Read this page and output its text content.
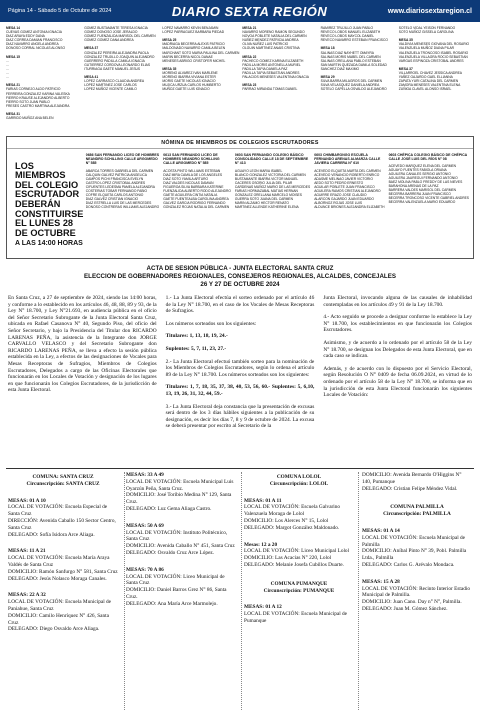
Página 14 - Sábado 5 de Octubre de 2024	DIARIO SEXTA REGIÓN	www.diariosextaregion.cl
MESA 14
CUEVAS GOMEZ ANTONIA IGNACIA
DIAZ ARAYA EDDY DANA
DIAZ CORREA DAMIAN FRANCISCO
DIAZ NAVARRO ANGELA ANDREA
DONOSO CORRAL NICOLAS ALONSO

MESA 15
...
...
...
...
...

MESA 21
FARIAS CORNEJO ALDO PATRICIO
FERREIRA GONZALEZ KARINA VALESKA
FIERRO KRAUSE ALEJANDRO ALBERTO
FIERRO SOTO JUAN PABLO
FRESES CASTRO MARTINA ALEJANDRA

MESA 31
GARRIDO MUÑOZ ANA BELEN

GOMEZ BUSTAMANTE TERESA IGNACIA
GOMEZ DONOSO JOSE JERALDO
GOMEZ FUENZALIDA MARISOL DEL CARMEN
GOMEZ GOMEZ DANA ANDREA

MESA 37
GONZALEZ PEREIRA ALEJANDRA PAOLA
GONZALEZ TRUJILLO JOAQUIN ALEJANDRO
GUERRERO PADILLA CAMILA IGNACIA
GUTIERREZ CORDOVA LEONARDO ELIAS
ITURRIAGA GAETE MANUEL JESUS

MESA 41
LOPEZ CARRASCO CLAUDIA ANDREA
LOPEZ MARTINEZ JOSE CARLOS
LOPEZ MUÑOZ VICENTE CAMILO

LOPEZ NAVARRO KEVIN BENJAMIN
LOPEZ PARRAGUEZ BARBARA PIEDAD

MESA 25
MADRIAGA BECERRA ALEXIS PATRICIO
MALDONADO NAVARRO CAMILA BELEN
MARCHANT SOTO MARIA PAULINA DEL CARMEN
MARIN BECERRA NICOL DANAE
MENESES ABRIGO CRISTOFER MICHEL

MESA 35
MORENO ALVAREZ IVAN MARLENE
MORENO IBARRA VIVIANA ESTER
MORIS GAETE NICOLAS IGNACIO
MUJICA URZUA CARLOS HUMBERTO
MUÑOZ GAETE LUIS IGNACIO

MESA 21
NAVARRO MORENO RAMON SEGUNDO
NOVOA POBLETE NATALIA DEL CARMEN
NUÑEZ MENDEZ PATRICIA ANDREA
OLIVA NUÑEZ LUIS PATRICIO
OLGUIN MARTINEZ ANAIS CRISTINA

MESA 22
PACHECO GOMEZ KARINA ELIZABETH
PADILLA MORIS ANTONELLA MURIEL
PADILLA TAPIA DANIELA PAZ
PADILLA TAPIA SEBASTIAN ANDRES
PALACIOS MENESES VALENTINA IGNACIA

MESA 23
PARRAO MIRANDA TOMAS DANIEL

RAMIREZ TRUJILLO JUAN PABLO
REVECO LOBOS MANUEL ELIZABETH
REVECO LOBOS MAYCOL DANIEL
REVECO NAVARRO ESTEBAN FRANCISCO

MESA 18
SALINAS DIAZ NAYHETT OMAYRA
SALINAS MORIS MABEL DEL CARMEN
SALINAS ORELLANA PABLO ESTEBAN
SAN MARTIN QUEZADA DANILA SOLEDAD
SANCHEZ DIAZ MAXIMO

MESA 29
SILVA BARRA MILAGROS DEL CARMEN
SILVA VELASQUEZ DANIELA ANDREA
SOTELO CAPELLA OSVALDO ALEJANDRO

SOTELO VIDAL YEISON FERNANDO
SOTO MUÑOZ GISSELA CAROLINA

MESA 35
VALDIVIA MENESES GIOVANA DEL ROSARIO
VALENZUELA MUÑOZ DIANA PILAR
VALENZUELA TRONCOSO ISABEL ROSARIO
VALENZUELA VILLAGRA ROCIO SEBASTIAN
VARGAS ESPINOZA CRISTOBAL ANDRES

MESA 37
VILLARROEL CHAVEZ JESSICA ANDREA
YAÑEZ GAJARDO GAEL ELLIANNA
ZAPATA YURI CATALINA DEL CARMEN
ZAMORA MENESES VALENTINA ELENA
ZUÑIGA CLAVEL ALONSO ISRAEL

NÓMINA DE MIEMBROS DE COLEGIOS ESCRUTADORES
LOS MIEMBROS DEL COLEGIO ESCRUTADOR DEBERÁN CONSTITUIRSE EL LUNES 28 DE OCTUBRE
A LAS 14:00 HORAS
0686 SAN FERNANDO LICEO DE HOMBRES NEANDRO SCHILLING CALLE ARGOMEDO N° 585
ABARCA TORRES GABRIELA DEL CARMEN
CALQUIN GALVEZ PATRICIA ANGELICA
CAMPOS PICHI FRANCISCA EVELYN
CASTRO LOPEZ CRISTOBAL ANDRES
CIFUENTES LEDESMA PAMELA ALEJANDRA
COSTERIAS TOBAR FERNANDO FABIO
COFRE ELQUETA CARLOS ANTONIO
DIAZ GALVEZ CRISTIAN IGNACIO
DIAZ ESTRELLA LUIS DE LAS MERCEDES
DONOSO CONTRERAS WILLIAMS ALEJANDRO
0613 SAN FERNANDO LICEO DE HOMBRES NEANDRO SCHILLING CALLE ARGOMEDO N° 585
ACOSTA PINTO WILLIAMS ESTEBAN
DIAZ MIRA CAMILA DE LOS ANGELES
DIAZ SOTO YAMILA ARTURO
DIAZ VALDES NICOLAS DAMIAN
FIGUEROA SILVA BARBARA KATERINE
FUENZALIDA ALBERTO RODO ALEJANDRO
GAETE AGUILERA CINTIA NATALIA
GAETE FUENTEALBA CAROLINA ANDREA
GALVEZ GARCIA RODRIGO FERNANDO
GONZALEZ ROJAS NATALIA DEL CARMEN
0603 SAN FERNANDO COLEGIO BÁSICO CONSOLIDADO CALLE 18 DE SEPTIEMBRE N° 413
AGUAYO LEON MARIA ISABEL
BLANCO GONZALEZ VICTORIA DEL CARMEN
BUSTAMANTE IBARRA VICTOR MANUEL
CACERES OSORIO JULIA DEL PILAR
CARDENAS MUÑOZ MARIO DE LAS MERCEDES
FARIAS HORMAZABAL MATIAS HERNAN
GONZALEZ ORELLANA MARCELO MOISES
GUERRA SOTO JUANA DEL CARMEN
MARIN ALZAMO HECTOR RENATO
MARTINEZ ALLENDE KATHERINE ELENA
0603 CHIMBARONGO ESCUELA FERNANDO ARENAS ALMARZA CALLE JAVIERA CARRERA N° 610
ACEVEDO ELQUETA MARTA DEL CARMEN
ACEVEDO VENANCIO ROBERTO ENRICO
ADASME MELINAO JAVIER VICTORIO
AEDO SOTO PEDRO ERNESTO
AGUILAR POBLETE JUAN FRANCISCO
AGUILERA RAMOS CRISTIAN ALEJANDRO
AGUIRRE ERAZO JOSE CLAUDIO
ALARCON GAJARDO JUAN EDUARDO
ALBORNOZ ROJAS JOSE LUIS
ALDUNCE BRIONES ALEJANDRA ELIZABETH
0603 CHÉPICA COLEGIO BÁSICO DE CHÉPICA CALLE JOSÉ LUIS DEL RÍOS N° 08
ACEVEDO MARQUEZ ELENA DEL CARMEN
AGUAYO FUENTES FABIOLA ORIANA
AGUILERA CANALES SERGIO ANTONIO
AGUILERA JAUREGUI FERNANDO ANTONIO
BAEZ MOLINA PABLO FREDDY DE LAS NIEVES
BARAHONA ARENAS DE LA PAZ
BARRERA VALDES MARISOL DEL CARMEN
BECERRA BARRERA JUAN FRANCISCO
BECERRA TRONCOSO VICENTE GABRIEL ANDRES
BECERRA VALENZUELA MARIO EDUARDO
ACTA DE SESION PÚBLICA - JUNTA ELECTORAL SANTA CRUZ
ELECCION DE GOBERNADORES REGIONALES, CONSEJEROS REGIONALES, ALCALDES, CONCEJALES
26 Y 27 DE OCTUBRE 2024

En Santa Cruz, a 27 de septiembre de 2024, siendo las 14:00 horas, y conforme a lo establecido en los artículos 46, 48, 88, 89 y 93, de la Ley N° 18.700, y Ley N°21.693, en audiencia pública en el oficio del Señor Secretario Subrogante de la Junta Electoral Santa Cruz, ubicada en Rafael Casanova N° 40, Segundo Piso, del oficio del Señor Secretario, y bajo la Presidencia del Titular don RICARDO LARENAS PEÑA, la asistencia de la Integrante don JORGE CARVALLO VELASCO y del Secretario Subrogante don RICARDO LARENAS PEÑA, se lleva a efecto la sesión pública establecida en la Ley, a efectos de las designaciones de Vocales para Mesas Receptoras de Sufragios, Miembros de Colegios Escrutadores, Delegados a cargo de las Oficinas Electorales que funcionarán en los Locales de Votación y designación de los lugares en que funcionarán los Colegios Escrutadores, de la jurisdicción de esta Junta Electoral.

1.- La Junta Electoral efectúa el sorteo ordenado por el artículo 46 de la Ley N° 18.700, en el caso de los Vocales de Mesas Receptoras de Sufragios.

Los números sorteados son los siguientes:

Titulares: 1, 13, 18, 19, 24.-

Suplentes: 5, 7, 11, 23, 27.-

2.- La Junta Electoral efectuó también sorteo para la nominación de los Miembros de Colegios Escrutadores, según lo ordena el artículo 89 de la Ley N° 18.700. Los números sorteados son los siguientes:

Titulares: 1, 7, 18, 35, 37, 38, 40, 53, 56, 60.- Suplentes: 5, 6,10, 13, 19, 26, 31, 32, 44, 59.-

3.- La Junta Electoral deja constancia que la presentación de excusas será dentro de los 3 días hábiles siguientes a la publicación de su designación, es decir los días 7, 8 y 9 de octubre de 2024. La excusa se deberá presentar por escrito al Secretario de la

Junta Electoral, invocando alguna de las causales de inhabilidad contempladas en los artículos 49 y 91 de la Ley 18.700.

4.- Acto seguido se procede a designar conforme lo establece la Ley N° 18.700, los establecimientos en que funcionarán los Colegios Escrutadores.

Asimismo, y de acuerdo a lo ordenado por el artículo 58 de la Ley N° 18.700, se designan los Delegados de esta Junta Electoral, que en cada caso se indican.

Además, y de acuerdo con lo dispuesto por el Servicio Electoral, según Resolución O N° 0409 de fecha 06.09.2024, en virtud de lo ordenado por el artículo 58 de la Ley N° 18.700, se informa que en la jurisdicción de esta Junta Electoral funcionarán los siguientes Locales de Votación:

COMUNA: SANTA CRUZ
Circunscripción: SANTA CRUZ
MESAS: 01 A 10
LOCAL DE VOTACIÓN: Escuela Especial de Santa Cruz
DIRECCIÓN: Avenida Caballo 150 Sector Centro, Santa Cruz
DELEGADO: Sofía Isidora Arce Aliaga.
MESAS: 11 A 21
LOCAL DE VOTACIÓN: Escuela María Araya Valdés de Santa Cruz
DOMICILIO: Ramón Sanfurgo N° 581, Santa Cruz
DELEGADO: Jesús Nolasco Moraga Canales.
MESAS: 22 A 32
LOCAL DE VOTACIÓN: Escuela Municipal de Paniahue, Santa Cruz
DOMICILIO: Camilo Henríquez N° 426, Santa Cruz
DELEGADO: Diego Osvaldo Arce Aliaga.
MESAS: 33 A 49
LOCAL DE VOTACIÓN: Escuela Municipal Luis Oyarzún Peña, Santa Cruz.
DOMICILIO: José Toribio Medina N° 129, Santa Cruz.
DELEGADO: Luz Gema Aliaga Castro.
MESAS: 50 A 69
LOCAL DE VOTACIÓN: Instituto Politécnico, Santa Cruz
DOMICILIO: Avenida Caballo N° 451, Santa Cruz
DELEGADO: Osvaldo Cruz Arce López.
MESAS: 70 A 86
LOCAL DE VOTACIÓN: Liceo Municipal de Santa Cruz
DOMICILIO: Daniel Barros Grez N° 86, Santa Cruz.
DELEGADO: Ana María Arce Marmolejo.
COMUNA LOLOL
Circunscripción: LOLOL
MESAS: 01 A 11
LOCAL DE VOTACIÓN: Escuela Galvarino Valenzuela Moraga de Lolol
DOMICILIO: Los Alerces N° 15, Lolol
DELEGADO: Margot González Maldonado.
Mesas: 12 a 20
LOCAL DE VOTACIÓN: Liceo Municipal Lolol
DOMICILIO: Las Acacias N° 220, Lolol
DELEGADO: Melanie Josefa Cubillos Duarte.
COMUNA PUMANQUE
Circunscripción: PUMANQUE
MESAS: 01 A 12
LOCAL DE VOTACIÓN: Escuela Municipal de Pumanque
DOMICILIO: Avenida Bernardo O'Higgins N° 140, Pumanque
DELEGADO: Cristian Felipe Méndez Vidal.
COMUNA PALMILLA
Circunscripción: PALMILLA
MESAS: 01 A 14
LOCAL DE VOTACIÓN: Escuela Municipal de Palmilla
DOMICILIO: Aníbal Pinto N° 39, Pobl. Palmilla Ltda., Palmilla
DELEGADO: Carlos G. Arévalo Mondaca.
MESAS: 15 A 28
LOCAL DE VOTACIÓN: Recinto Interior Estadio Municipal de Palmilla.
DOMICILIO: Juan Cano. Day n° N°, Palmilla.
DELEGADO: Juan M. Gómez Sánchez.
